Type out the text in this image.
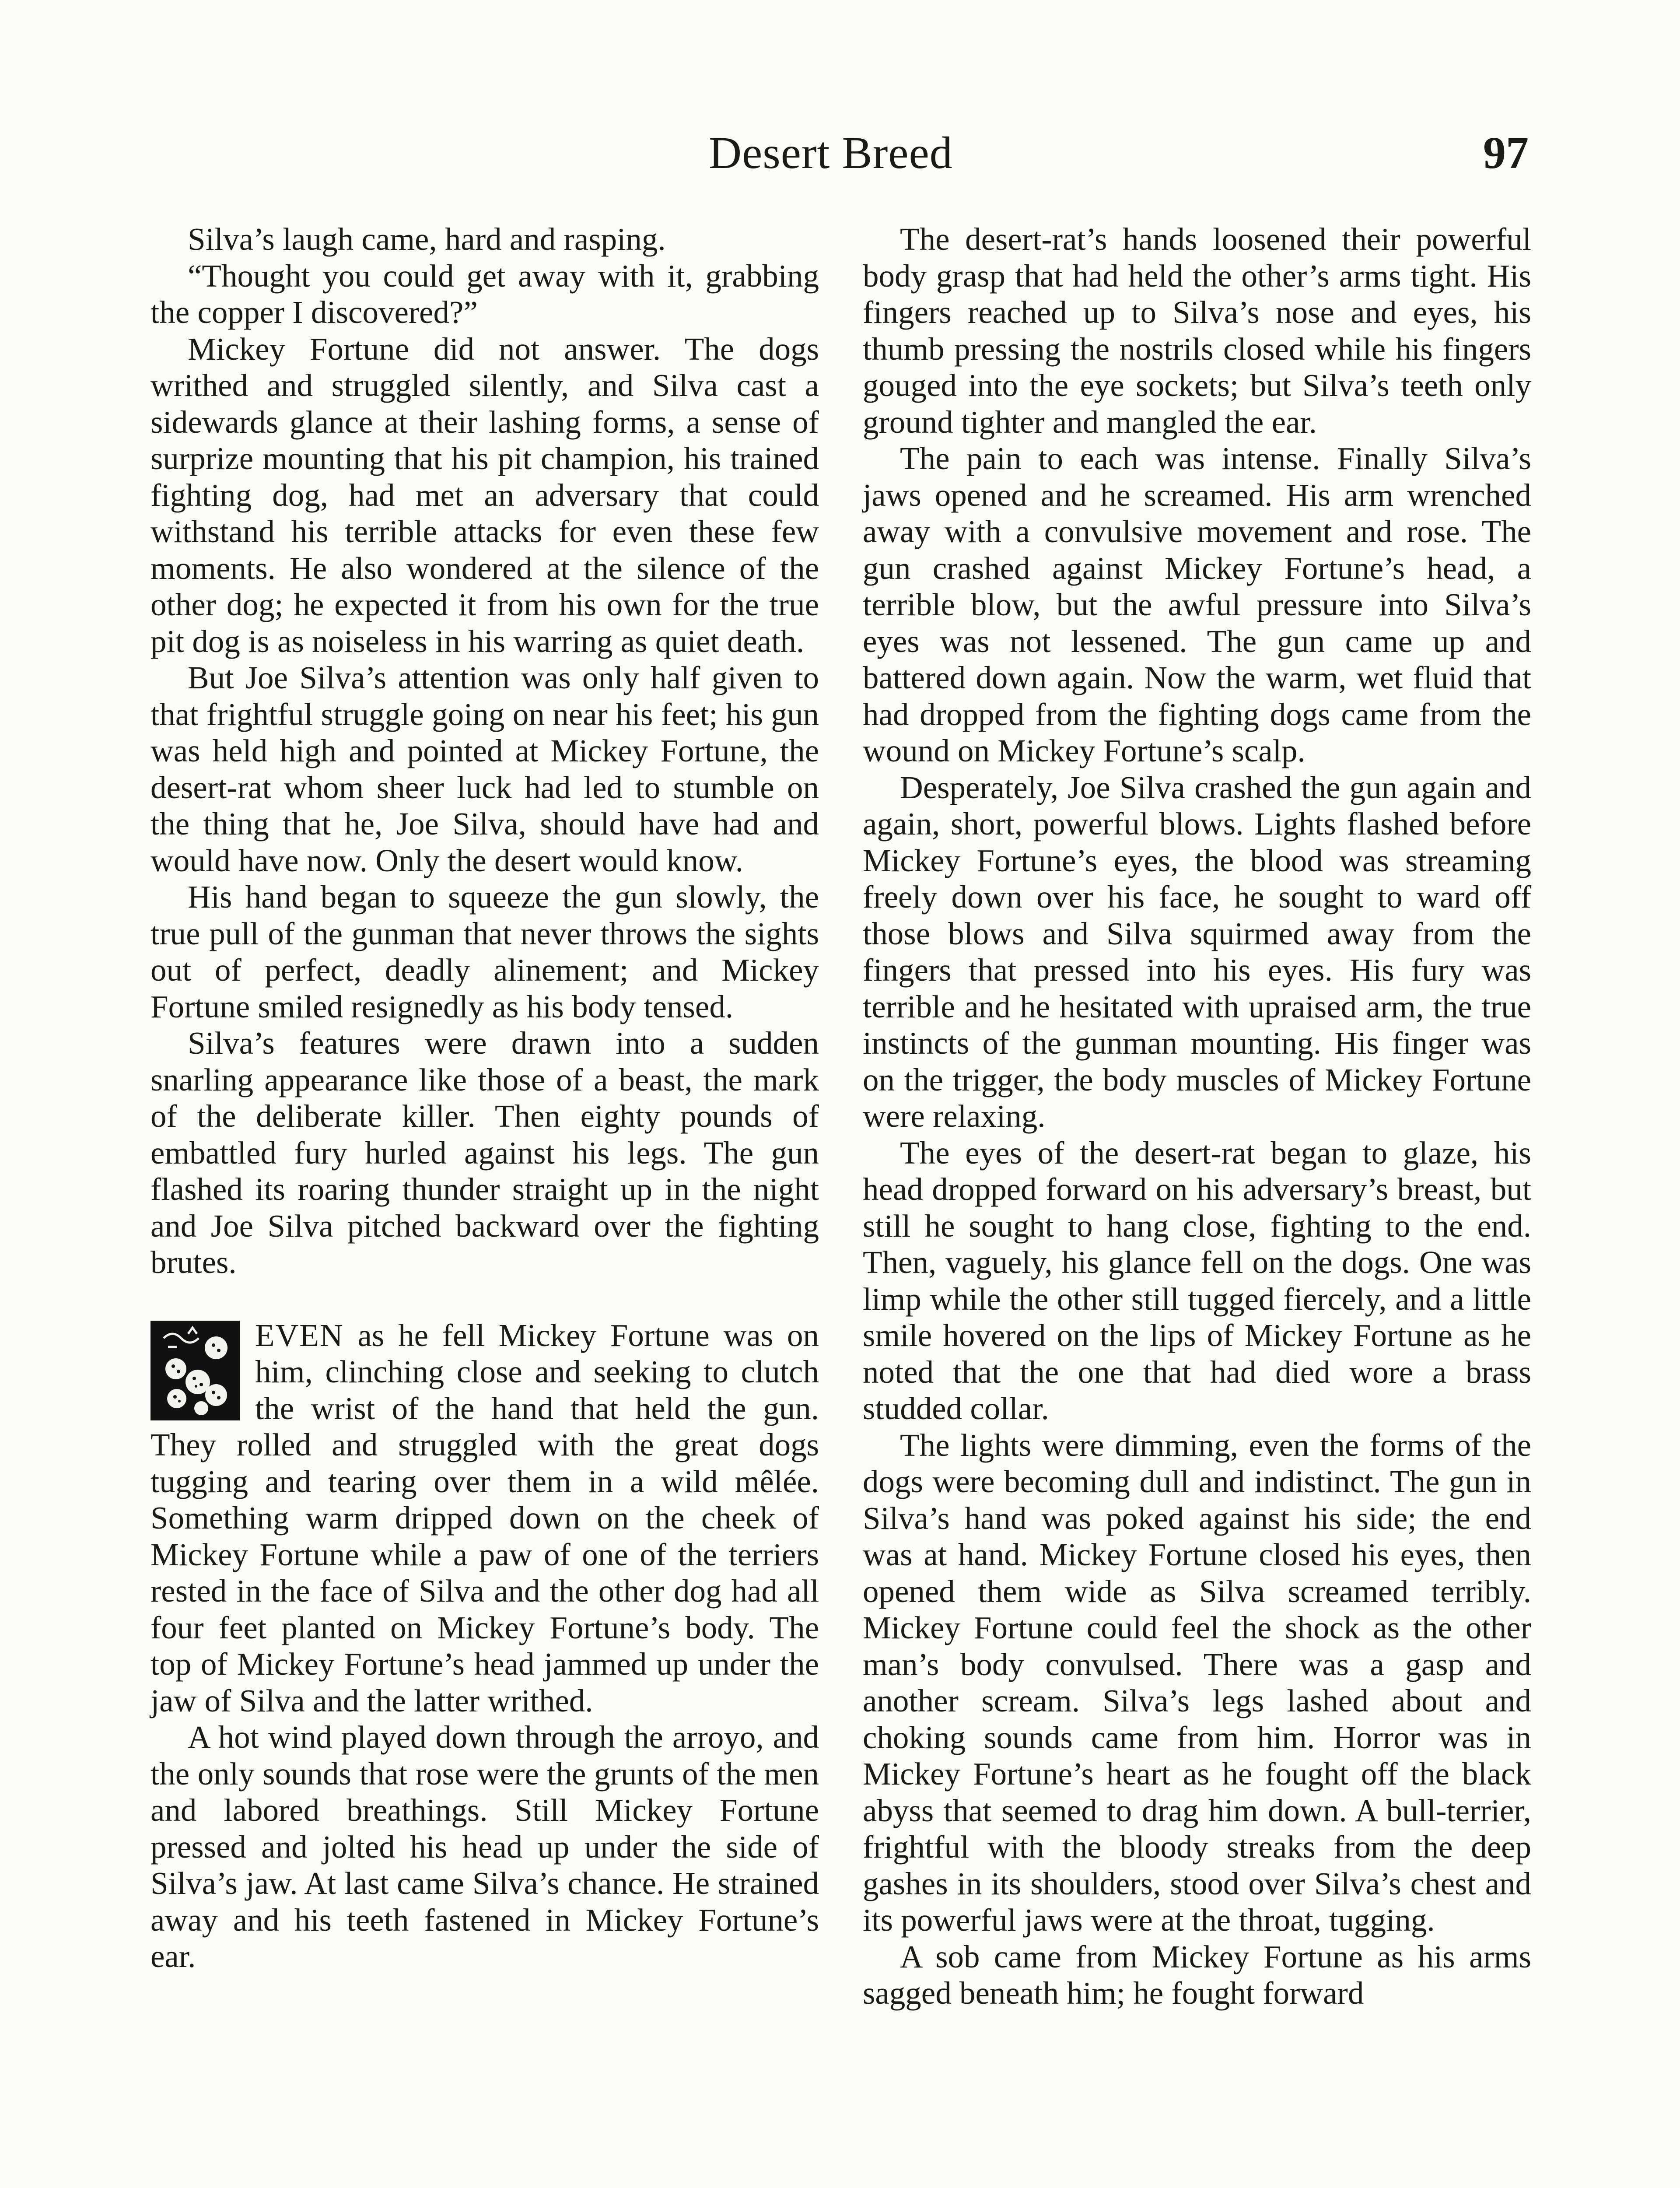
Desert Breed	97

Silva’s laugh came, hard and rasping.

“Thought you could get away with it, grabbing the copper I discovered?”

Mickey Fortune did not answer. The dogs writhed and struggled silently, and Silva cast a sidewards glance at their lashing forms, a sense of surprize mounting that his pit champion, his trained fighting dog, had met an adversary that could withstand his terrible attacks for even these few moments. He also wondered at the silence of the other dog; he expected it from his own for the true pit dog is as noiseless in his warring as quiet death.

But Joe Silva’s attention was only half given to that frightful struggle going on near his feet; his gun was held high and pointed at Mickey Fortune, the desert-rat whom sheer luck had led to stumble on the thing that he, Joe Silva, should have had and would have now. Only the desert would know.

His hand began to squeeze the gun slowly, the true pull of the gunman that never throws the sights out of perfect, deadly alinement; and Mickey Fortune smiled resignedly as his body tensed.

Silva’s features were drawn into a sudden snarling appearance like those of a beast, the mark of the deliberate killer. Then eighty pounds of embattled fury hurled against his legs. The gun flashed its roaring thunder straight up in the night and Joe Silva pitched backward over the fighting brutes.

EVEN as he fell Mickey Fortune was on him, clinching close and seeking to clutch the wrist of the hand that held the gun. They rolled and struggled with the great dogs tugging and tearing over them in a wild mêlée. Something warm dripped down on the cheek of Mickey Fortune while a paw of one of the terriers rested in the face of Silva and the other dog had all four feet planted on Mickey Fortune’s body. The top of Mickey Fortune’s head jammed up under the jaw of Silva and the latter writhed.

A hot wind played down through the arroyo, and the only sounds that rose were the grunts of the men and labored breathings. Still Mickey Fortune pressed and jolted his head up under the side of Silva’s jaw. At last came Silva’s chance. He strained away and his teeth fastened in Mickey Fortune’s ear.

The desert-rat’s hands loosened their powerful body grasp that had held the other’s arms tight. His fingers reached up to Silva’s nose and eyes, his thumb pressing the nostrils closed while his fingers gouged into the eye sockets; but Silva’s teeth only ground tighter and mangled the ear.

The pain to each was intense. Finally Silva’s jaws opened and he screamed. His arm wrenched away with a convulsive movement and rose. The gun crashed against Mickey Fortune’s head, a terrible blow, but the awful pressure into Silva’s eyes was not lessened. The gun came up and battered down again. Now the warm, wet fluid that had dropped from the fighting dogs came from the wound on Mickey Fortune’s scalp.

Desperately, Joe Silva crashed the gun again and again, short, powerful blows. Lights flashed before Mickey Fortune’s eyes, the blood was streaming freely down over his face, he sought to ward off those blows and Silva squirmed away from the fingers that pressed into his eyes. His fury was terrible and he hesitated with upraised arm, the true instincts of the gunman mounting. His finger was on the trigger, the body muscles of Mickey Fortune were relaxing.

The eyes of the desert-rat began to glaze, his head dropped forward on his adversary’s breast, but still he sought to hang close, fighting to the end. Then, vaguely, his glance fell on the dogs. One was limp while the other still tugged fiercely, and a little smile hovered on the lips of Mickey Fortune as he noted that the one that had died wore a brass studded collar.

The lights were dimming, even the forms of the dogs were becoming dull and indistinct. The gun in Silva’s hand was poked against his side; the end was at hand. Mickey Fortune closed his eyes, then opened them wide as Silva screamed terribly. Mickey Fortune could feel the shock as the other man’s body convulsed. There was a gasp and another scream. Silva’s legs lashed about and choking sounds came from him. Horror was in Mickey Fortune’s heart as he fought off the black abyss that seemed to drag him down. A bull-terrier, frightful with the bloody streaks from the deep gashes in its shoulders, stood over Silva’s chest and its powerful jaws were at the throat, tugging.

A sob came from Mickey Fortune as his arms sagged beneath him; he fought forward
